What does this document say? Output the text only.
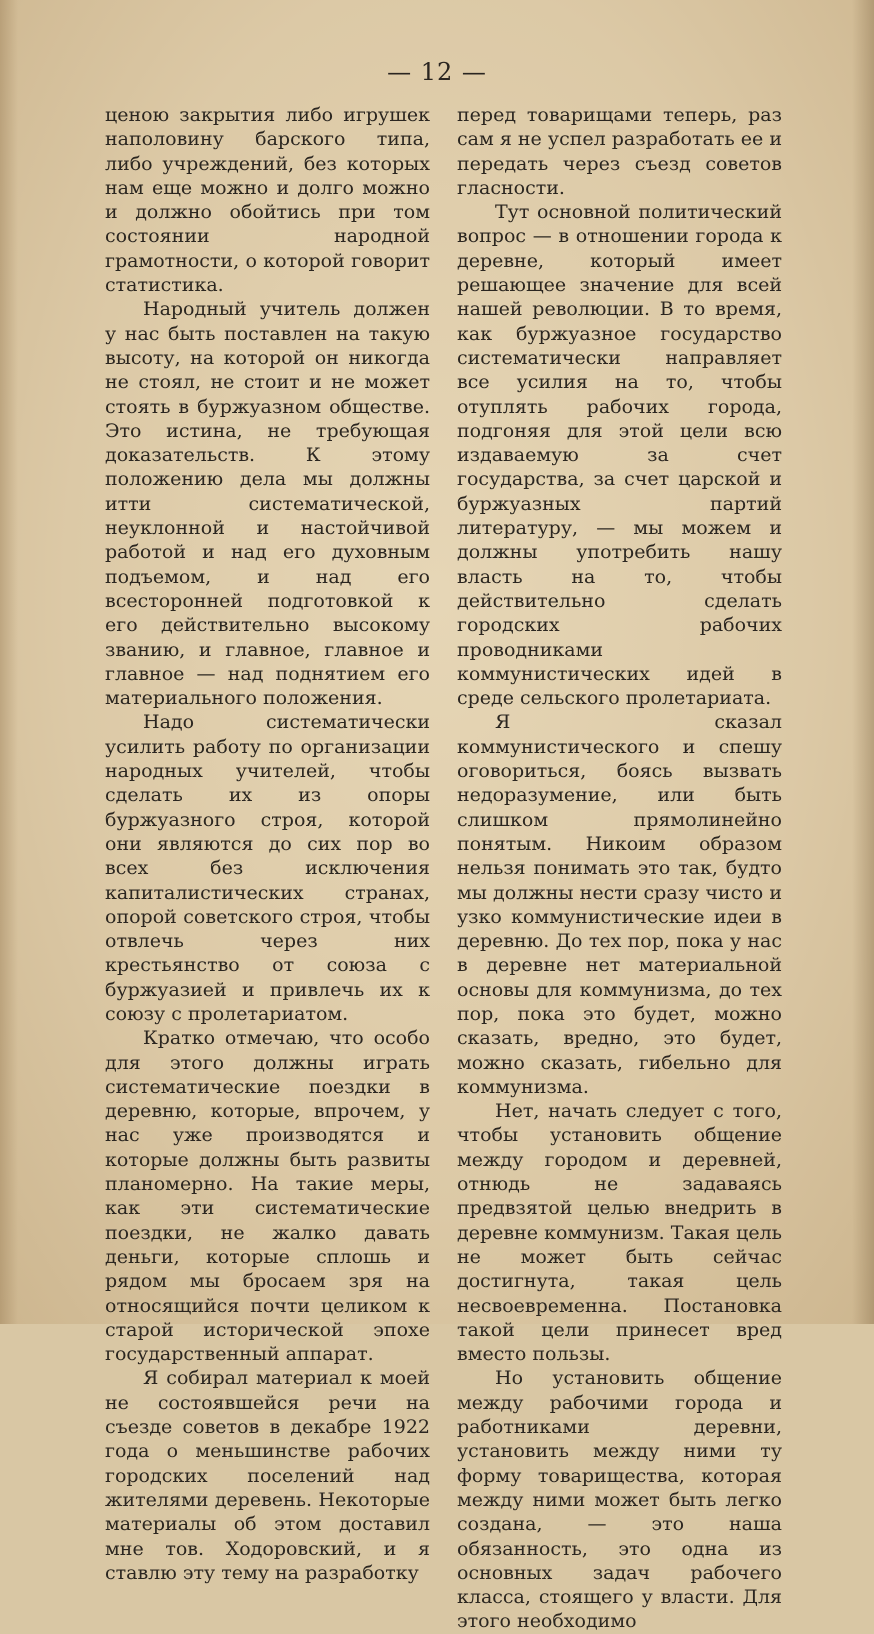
— 12 —

ценою закрытия либо игрушек наполовину барского типа, либо учреждений, без которых нам еще можно и долго можно и должно обойтись при том состоянии народной грамотности, о которой говорит статистика.

Народный учитель должен у нас быть поставлен на такую высоту, на которой он никогда не стоял, не стоит и не может стоять в буржуазном обществе. Это истина, не требующая доказательств. К этому положению дела мы должны итти систематической, неуклонной и настойчивой работой и над его духовным подъемом, и над его всесторонней подготовкой к его действительно высокому званию, и главное, главное и главное — над поднятием его материального положения.

Надо систематически усилить работу по организации народных учителей, чтобы сделать их из опоры буржуазного строя, которой они являются до сих пор во всех без исключения капиталистических странах, опорой советского строя, чтобы отвлечь через них крестьянство от союза с буржуазией и привлечь их к союзу с пролетариатом.

Кратко отмечаю, что особо для этого должны играть систематические поездки в деревню, которые, впрочем, у нас уже производятся и которые должны быть развиты планомерно. На такие меры, как эти систематические поездки, не жалко давать деньги, которые сплошь и рядом мы бросаем зря на относящийся почти целиком к старой исторической эпохе государственный аппарат.

Я собирал материал к моей не состоявшейся речи на съезде советов в декабре 1922 года о меньшинстве рабочих городских поселений над жителями деревень. Некоторые материалы об этом доставил мне тов. Ходоровский, и я ставлю эту тему на разработку

перед товарищами теперь, раз сам я не успел разработать ее и передать через съезд советов гласности.

Тут основной политический вопрос — в отношении города к деревне, который имеет решающее значение для всей нашей революции. В то время, как буржуазное государство систематически направляет все усилия на то, чтобы отуплять рабочих города, подгоняя для этой цели всю издаваемую за счет государства, за счет царской и буржуазных партий литературу, — мы можем и должны употребить нашу власть на то, чтобы действительно сделать городских рабочих проводниками коммунистических идей в среде сельского пролетариата.

Я сказал коммунистического и спешу оговориться, боясь вызвать недоразумение, или быть слишком прямолинейно понятым. Никоим образом нельзя понимать это так, будто мы должны нести сразу чисто и узко коммунистические идеи в деревню. До тех пор, пока у нас в деревне нет материальной основы для коммунизма, до тех пор, пока это будет, можно сказать, вредно, это будет, можно сказать, гибельно для коммунизма.

Нет, начать следует с того, чтобы установить общение между городом и деревней, отнюдь не задаваясь предвзятой целью внедрить в деревне коммунизм. Такая цель не может быть сейчас достигнута, такая цель несвоевременна. Постановка такой цели принесет вред вместо пользы.

Но установить общение между рабочими города и работниками деревни, установить между ними ту форму товарищества, которая между ними может быть легко создана, — это наша обязанность, это одна из основных задач рабочего класса, стоящего у власти. Для этого необходимо
